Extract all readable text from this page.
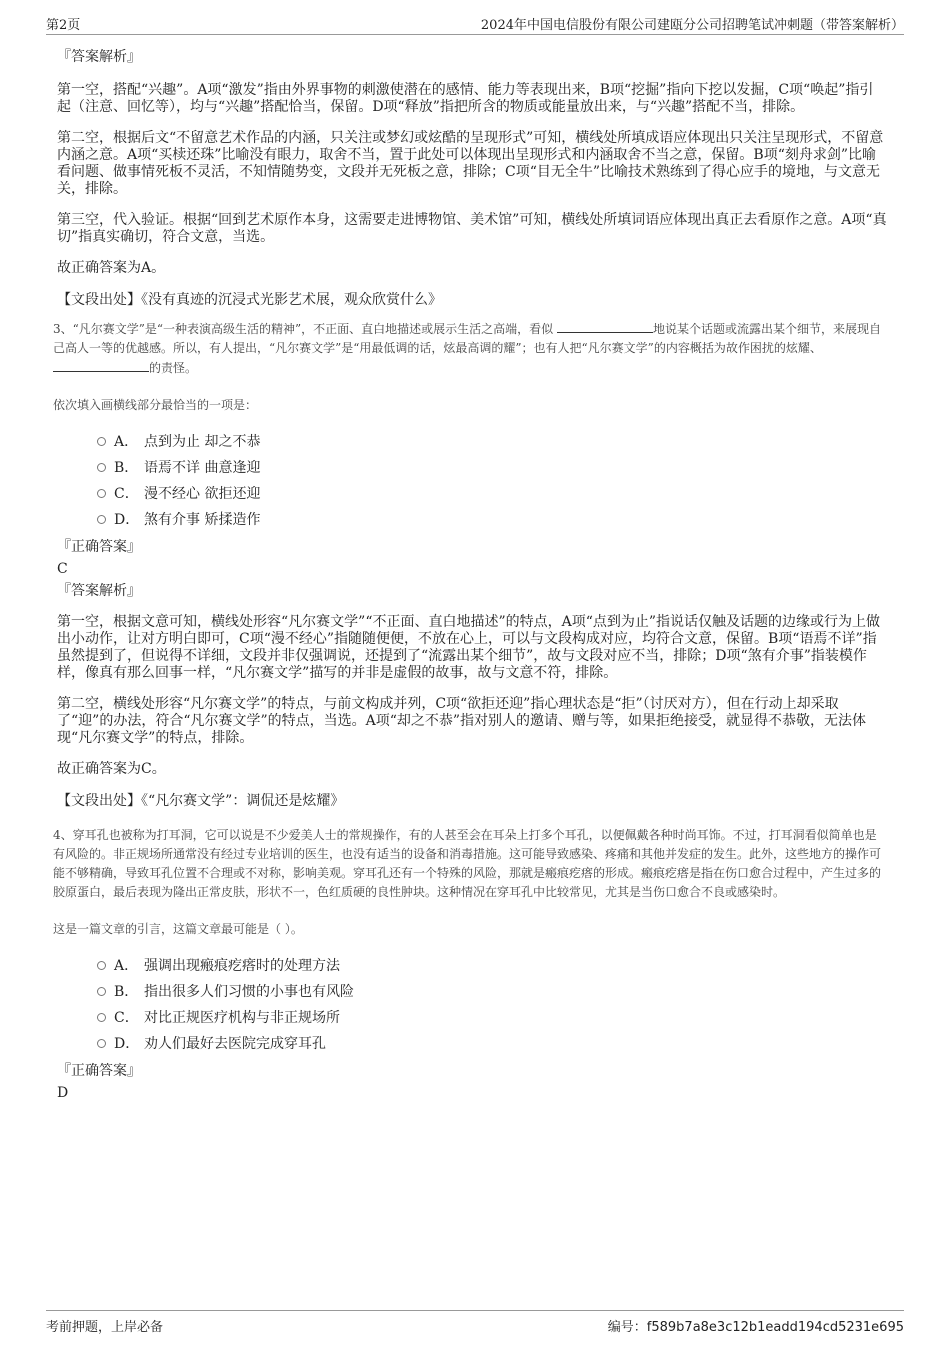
第2页	2024年中国电信股份有限公司建瓯分公司招聘笔试冲刺题（带答案解析）
『答案解析』
第一空，搭配“兴趣”。A项“激发”指由外界事物的刺激使潜在的感情、能力等表现出来，B项“挖掘”指向下挖以发掘，C项“唤起”指引起（注意、回忆等），均与“兴趣”搭配恰当，保留。D项“释放”指把所含的物质或能量放出来，与“兴趣”搭配不当，排除。
第二空，根据后文“不留意艺术作品的内涵，只关注或梦幻或炫酷的呈现形式”可知，横线处所填成语应体现出只关注呈现形式，不留意内涵之意。A项“买椟还珠”比喻没有眼力，取舍不当，置于此处可以体现出呈现形式和内涵取舍不当之意，保留。B项“刻舟求剑”比喻看问题、做事情死板不灵活，不知情随势变，文段并无死板之意，排除；C项“目无全牛”比喻技术熟练到了得心应手的境地，与文意无关，排除。
第三空，代入验证。根据“回到艺术原作本身，这需要走进博物馆、美术馆”可知，横线处所填词语应体现出真正去看原作之意。A项“真切”指真实确切，符合文意，当选。
故正确答案为A。
【文段出处】《没有真迹的沉浸式光影艺术展，观众欣赏什么》
3、“凡尔赛文学”是“一种表演高级生活的精神”，不正面、直白地描述或展示生活之高端，看似	地说某个话题或流露出某个细节，来展现自己高人一等的优越感。所以，有人提出，“凡尔赛文学”是“用最低调的话，炫最高调的耀”；也有人把“凡尔赛文学”的内容概括为故作困扰的炫耀、 的责怪。
依次填入画横线部分最恰当的一项是：
A． 点到为止 却之不恭
B． 语焉不详 曲意逢迎
C． 漫不经心 欲拒还迎
D． 煞有介事 矫揉造作
『正确答案』
C
『答案解析』
第一空，根据文意可知，横线处形容“凡尔赛文学”“不正面、直白地描述”的特点，A项“点到为止”指说话仅触及话题的边缘或行为上做出小动作，让对方明白即可，C项“漫不经心”指随随便便，不放在心上，可以与文段构成对应，均符合文意，保留。B项“语焉不详”指虽然提到了，但说得不详细，文段并非仅强调说，还提到了“流露出某个细节”，故与文段对应不当，排除；D项“煞有介事”指装模作样，像真有那么回事一样，“凡尔赛文学”描写的并非是虚假的故事，故与文意不符，排除。
第二空，横线处形容“凡尔赛文学”的特点，与前文构成并列，C项“欲拒还迎”指心理状态是“拒”（讨厌对方），但在行动上却采取了“迎”的办法，符合“凡尔赛文学”的特点，当选。A项“却之不恭”指对别人的邀请、赠与等，如果拒绝接受，就显得不恭敬，无法体现“凡尔赛文学”的特点，排除。
故正确答案为C。
【文段出处】《“凡尔赛文学”：调侃还是炫耀》
4、穿耳孔也被称为打耳洞，它可以说是不少爱美人士的常规操作，有的人甚至会在耳朵上打多个耳孔，以便佩戴各种时尚耳饰。不过，打耳洞看似简单也是有风险的。非正规场所通常没有经过专业培训的医生，也没有适当的设备和消毒措施。这可能导致感染、疼痛和其他并发症的发生。此外，这些地方的操作可能不够精确，导致耳孔位置不合理或不对称，影响美观。穿耳孔还有一个特殊的风险，那就是瘢痕疙瘩的形成。瘢痕疙瘩是指在伤口愈合过程中，产生过多的胶原蛋白，最后表现为隆出正常皮肤，形状不一，色红质硬的良性肿块。这种情况在穿耳孔中比较常见，尤其是当伤口愈合不良或感染时。
这是一篇文章的引言，这篇文章最可能是（ ）。
A． 强调出现瘢痕疙瘩时的处理方法
B． 指出很多人们习惯的小事也有风险
C． 对比正规医疗机构与非正规场所
D． 劝人们最好去医院完成穿耳孔
『正确答案』
D
考前押题，上岸必备	编号：f589b7a8e3c12b1eadd194cd5231e695
